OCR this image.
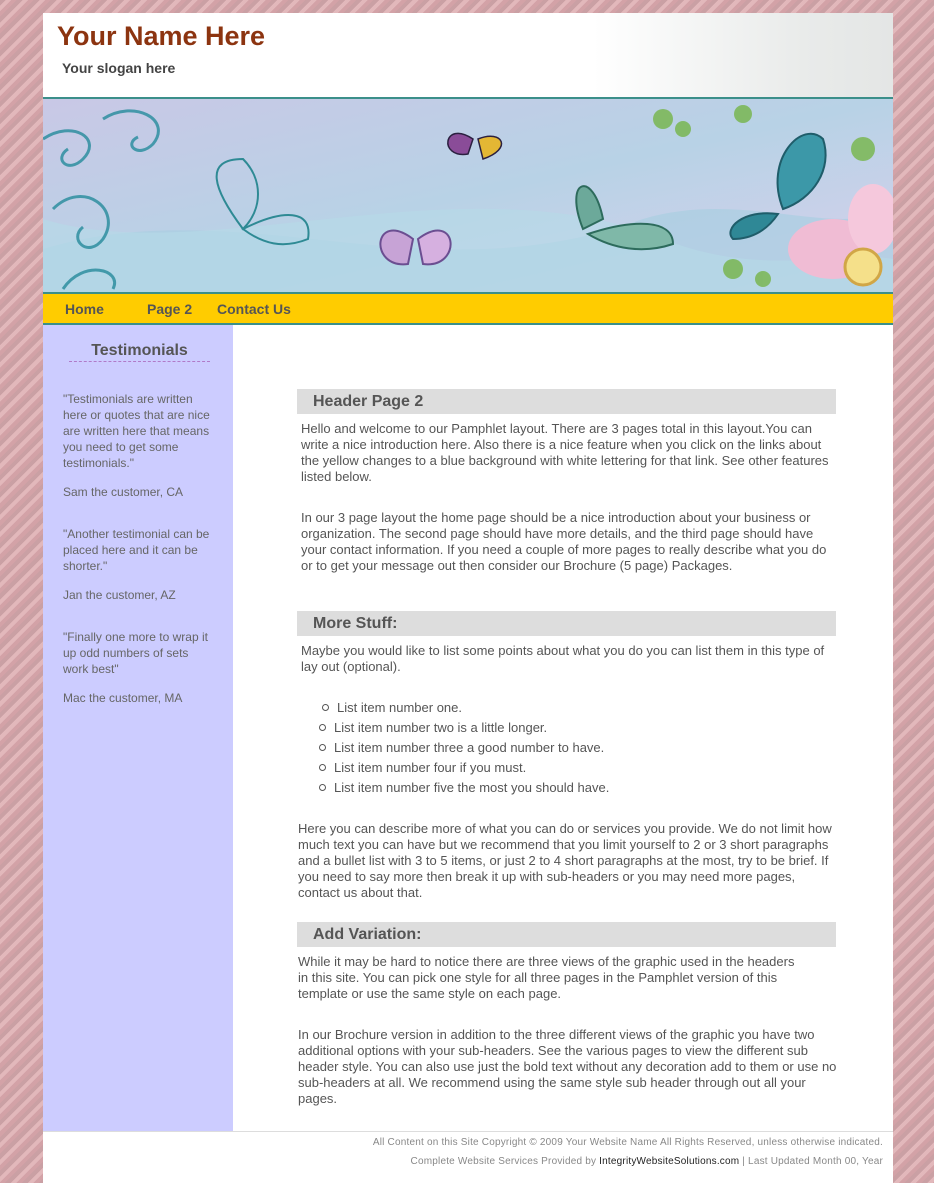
Your Name Here
Your slogan here
Home	Page 2 Contact Us
Testimonials
"Testimonials are written here or quotes that are nice are written here that means you need to get some testimonials."
Sam the customer, CA
"Another testimonial can be placed here and it can be shorter."
Jan the customer, AZ
"Finally one more to wrap it up odd numbers of sets work best"
Mac the customer, MA
Header Page 2
Hello and welcome to our Pamphlet layout. There are 3 pages total in this layout.You can write a nice introduction here. Also there is a nice feature when you click on the links about the yellow changes to a blue background with white lettering for that link. See other features listed below.
In our 3 page layout the home page should be a nice introduction about your business or organization. The second page should have more details, and the third page should have your contact information. If you need a couple of more pages to really describe what you do or to get your message out then consider our Brochure (5 page) Packages.
More Stuff:
Maybe you would like to list some points about what you do you can list them in this type of lay out (optional).
List item number one.
List item number two is a little longer.
List item number three a good number to have.
List item number four if you must.
List item number five the most you should have.
Here you can describe more of what you can do or services you provide. We do not limit how much text you can have but we recommend that you limit yourself to 2 or 3 short paragraphs and a bullet list with 3 to 5 items, or just 2 to 4 short paragraphs at the most, try to be brief. If you need to say more then break it up with sub-headers or you may need more pages, contact us about that.
Add Variation:
While it may be hard to notice there are three views of the graphic used in the headers in this site. You can pick one style for all three pages in the Pamphlet version of this template or use the same style on each page.
In our Brochure version in addition to the three different views of the graphic you have two additional options with your sub-headers. See the various pages to view the different sub header style. You can also use just the bold text without any decoration add to them or use no sub-headers at all. We recommend using the same style sub header through out all your pages.
All Content on this Site Copyright © 2009 Your Website Name All Rights Reserved, unless otherwise indicated.
Complete Website Services Provided by IntegrityWebsiteSolutions.com | Last Updated Month 00, Year
